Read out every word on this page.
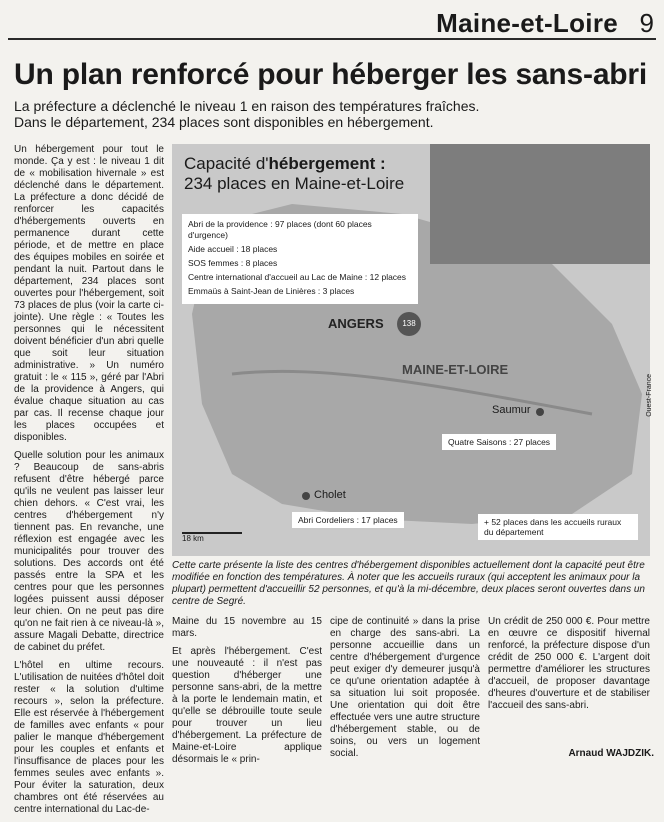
Maine-et-Loire 9
Un plan renforcé pour héberger les sans-abri
La préfecture a déclenché le niveau 1 en raison des températures fraîches.
Dans le département, 234 places sont disponibles en hébergement.

Un hébergement pour tout le monde. Ça y est : le niveau 1 dit de « mobilisation hivernale » est déclenché dans le département. La préfecture a donc décidé de renforcer les capacités d'hébergements ouverts en permanence durant cette période, et de mettre en place des équipes mobiles en soirée et pendant la nuit. Partout dans le département, 234 places sont ouvertes pour l'hébergement, soit 73 places de plus (voir la carte ci-jointe). Une règle : « Toutes les personnes qui le nécessitent doivent bénéficier d'un abri quelle que soit leur situation administrative. » Un numéro gratuit : le « 115 », géré par l'Abri de la providence à Angers, qui évalue chaque situation au cas par cas. Il recense chaque jour les places occupées et disponibles.

Quelle solution pour les animaux ? Beaucoup de sans-abris refusent d'être hébergé parce qu'ils ne veulent pas laisser leur chien dehors. « C'est vrai, les centres d'hébergement n'y tiennent pas. En revanche, une réflexion est engagée avec les municipalités pour trouver des solutions. Des accords ont été passés entre la SPA et les centres pour que les personnes logées puissent aussi déposer leur chien. On ne peut pas dire qu'on ne fait rien à ce niveau-là », assure Magali Debatte, directrice de cabinet du préfet.

L'hôtel en ultime recours. L'utilisation de nuitées d'hôtel doit rester « la solution d'ultime recours », selon la préfecture. Elle est réservée à l'hébergement de familles avec enfants « pour palier le manque d'hébergement pour les couples et enfants et l'insuffisance de places pour les femmes seules avec enfants ». Pour éviter la saturation, deux chambres ont été réservées au centre international du Lac-de-

Capacité d'hébergement :
234 places en Maine-et-Loire
Abri de la providence : 97 places (dont 60 places d'urgence)
Aide accueil : 18 places
SOS femmes : 8 places
Centre international d'accueil au Lac de Maine : 12 places
Emmaüs à Saint-Jean de Linières : 3 places
ANGERS	138
MAINE-ET-LOIRE
Saumur
Quatre Saisons : 27 places
Cholet
Abri Cordeliers : 17 places	+ 52 places dans les accueils ruraux du département
18 km
Ouest-France
Cette carte présente la liste des centres d'hébergement disponibles actuellement dont la capacité peut être modifiée en fonction des températures. À noter que les accueils ruraux (qui acceptent les animaux pour la plupart) permettent d'accueillir 52 personnes, et qu'à la mi-décembre, deux places seront ouvertes dans un centre de Segré.

Maine du 15 novembre au 15 mars.

Et après l'hébergement. C'est une nouveauté : il n'est pas question d'héberger une personne sans-abri, de la mettre à la porte le lendemain matin, et qu'elle se débrouille toute seule pour trouver un lieu d'hébergement. La préfecture de Maine-et-Loire applique désormais le « prin-

cipe de continuité » dans la prise en charge des sans-abri. La personne accueillie dans un centre d'hébergement d'urgence peut exiger d'y demeurer jusqu'à ce qu'une orientation adaptée à sa situation lui soit proposée. Une orientation qui doit être effectuée vers une autre structure d'hébergement stable, ou de soins, ou vers un logement social.

Un crédit de 250 000 €. Pour mettre en œuvre ce dispositif hivernal renforcé, la préfecture dispose d'un crédit de 250 000 €. L'argent doit permettre d'améliorer les structures d'accueil, de proposer davantage d'heures d'ouverture et de stabiliser l'accueil des sans-abri.

Arnaud WAJDZIK.
